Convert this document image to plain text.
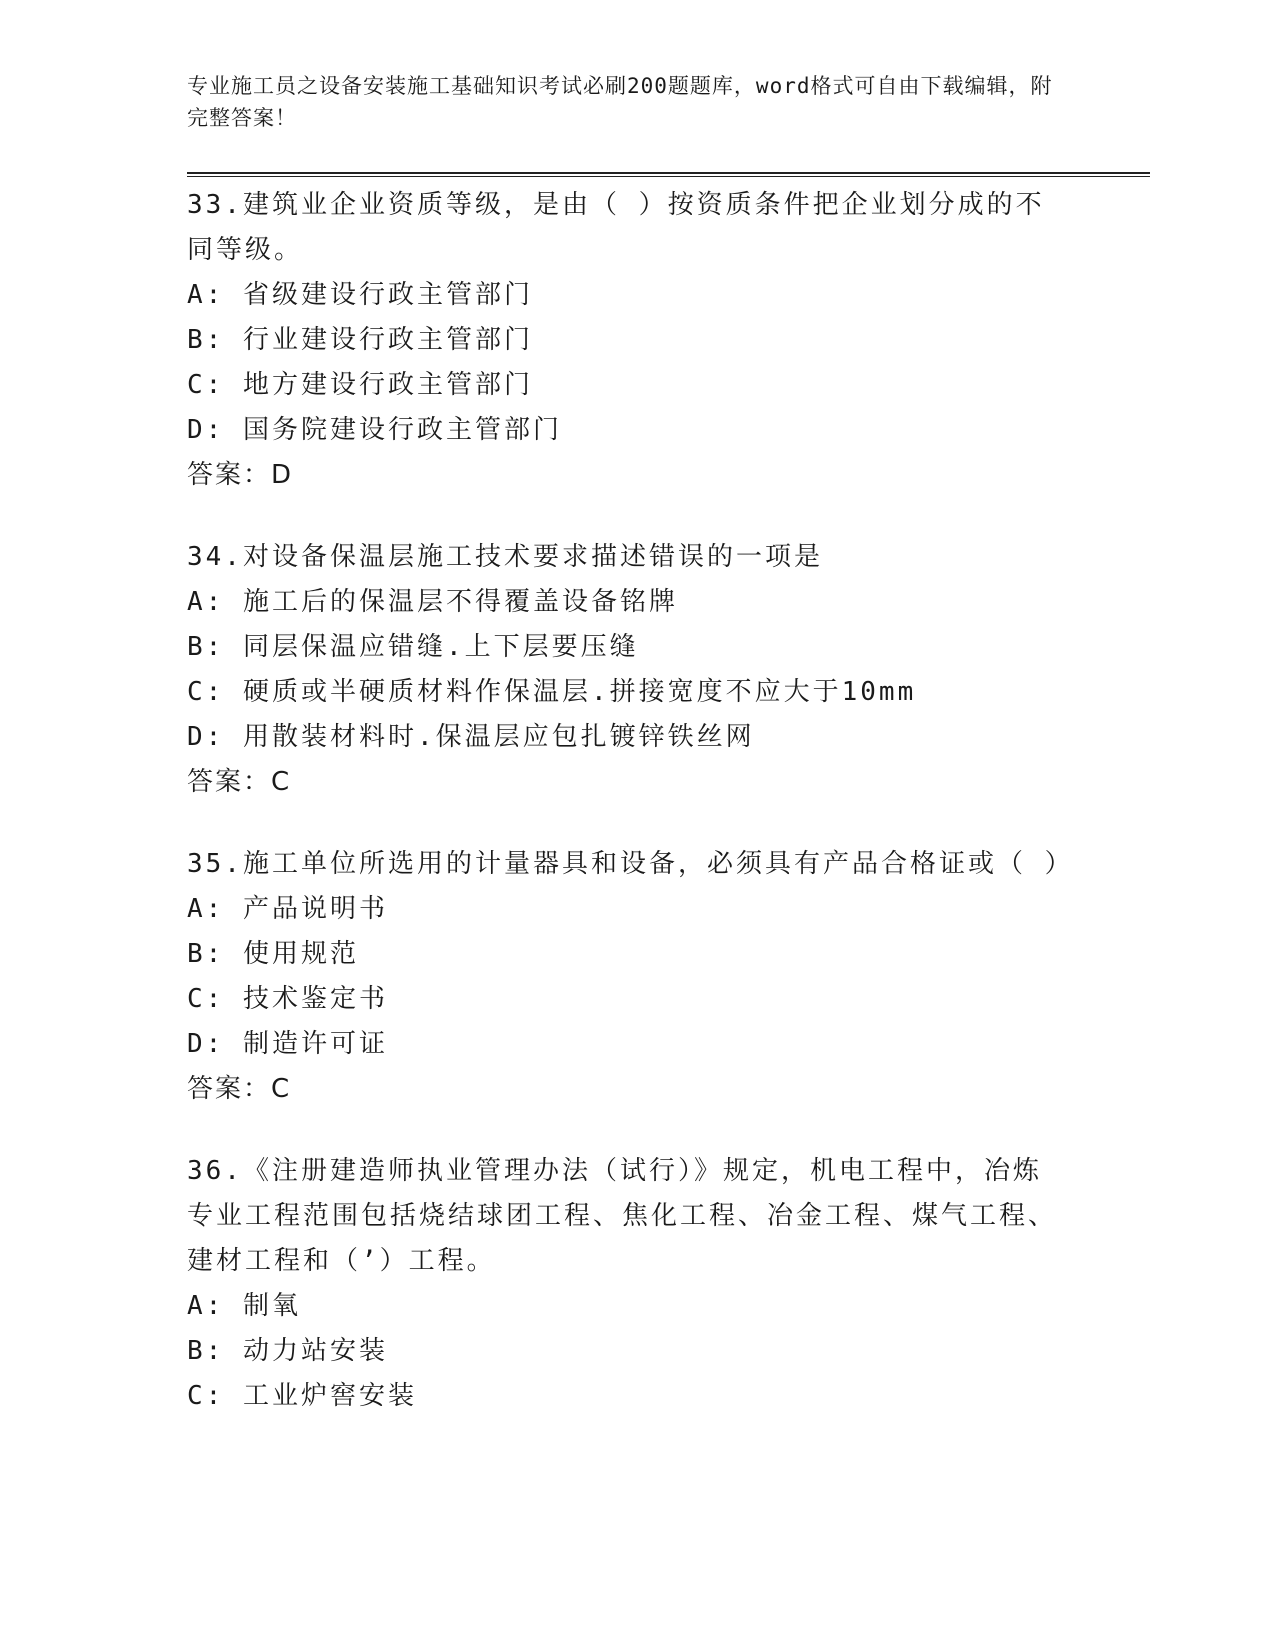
专业施工员之设备安装施工基础知识考试必刷200题题库，word格式可自由下载编辑，附完整答案！
33.建筑业企业资质等级，是由（ ）按资质条件把企业划分成的不同等级。
A: 省级建设行政主管部门
B: 行业建设行政主管部门
C: 地方建设行政主管部门
D: 国务院建设行政主管部门
答案：D
34.对设备保温层施工技术要求描述错误的一项是
A: 施工后的保温层不得覆盖设备铭牌
B: 同层保温应错缝.上下层要压缝
C: 硬质或半硬质材料作保温层.拼接宽度不应大于10mm
D: 用散装材料时.保温层应包扎镀锌铁丝网
答案：C
35.施工单位所选用的计量器具和设备，必须具有产品合格证或（ ）
A: 产品说明书
B: 使用规范
C: 技术鉴定书
D: 制造许可证
答案：C
36.《注册建造师执业管理办法（试行）》规定，机电工程中，冶炼专业工程范围包括烧结球团工程、焦化工程、冶金工程、煤气工程、建材工程和（’）工程。
A: 制氧
B: 动力站安装
C: 工业炉窖安装
